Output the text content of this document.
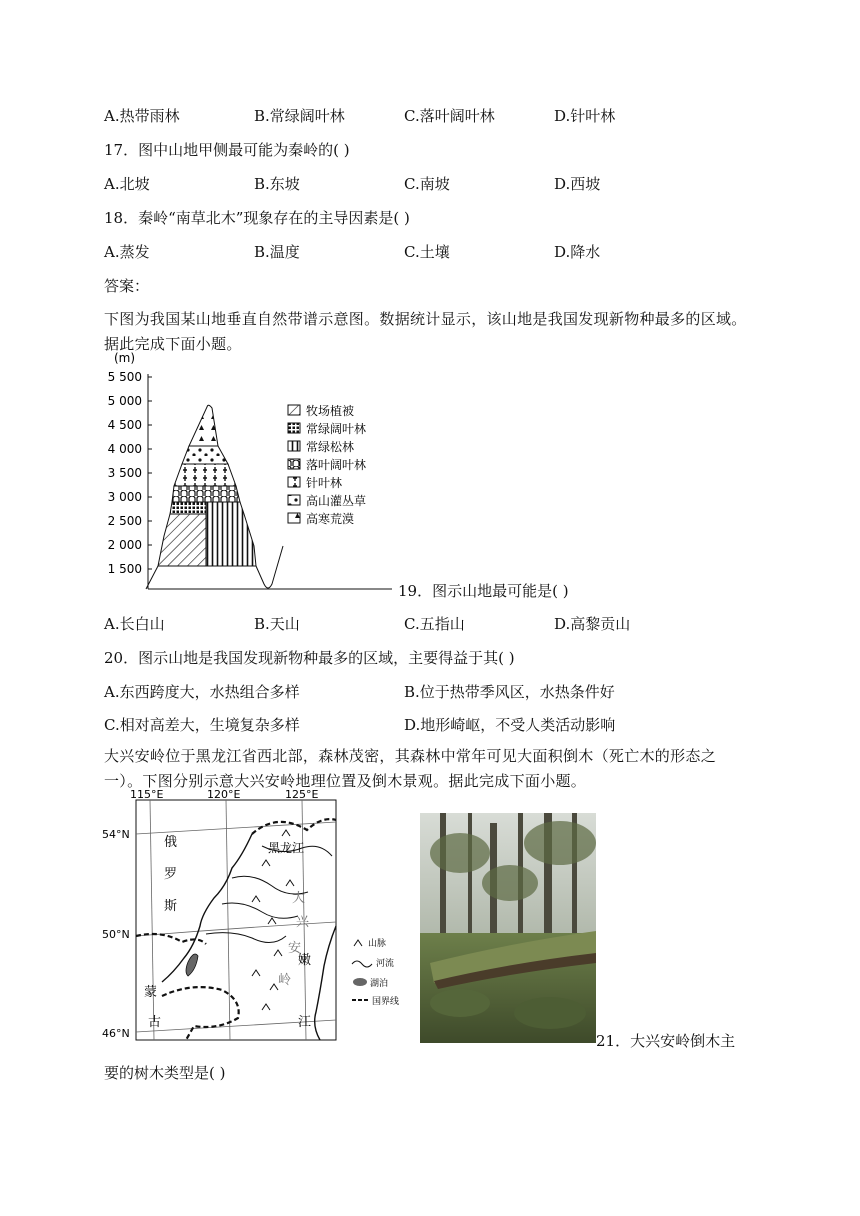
A.热带雨林	B.常绿阔叶林	C.落叶阔叶林	D.针叶林
17．图中山地甲侧最可能为秦岭的( )
A.北坡	B.东坡	C.南坡	D.西坡
18．秦岭“南草北木”现象存在的主导因素是( )
A.蒸发	B.温度	C.土壤	D.降水
答案：
下图为我国某山地垂直自然带谱示意图。数据统计显示，该山地是我国发现新物种最多的区域。据此完成下面小题。
(m)
5 500
5 000
4 500
4 000
3 500
3 000
2 500
2 000
1 500
牧场植被
常绿阔叶林
常绿松林
落叶阔叶林
针叶林
高山灌丛草
高寒荒漠
19．图示山地最可能是( )
A.长白山	B.天山	C.五指山	D.高黎贡山
20．图示山地是我国发现新物种最多的区域，主要得益于其( )
A.东西跨度大，水热组合多样	B.位于热带季风区，水热条件好
C.相对高差大，生境复杂多样	D.地形崎岖，不受人类活动影响
大兴安岭位于黑龙江省西北部，森林茂密，其森林中常年可见大面积倒木（死亡木的形态之一）。下图分别示意大兴安岭地理位置及倒木景观。据此完成下面小题。
115°E	120°E	125°E
54°N
50°N
46°N
俄
罗
斯
黑龙江
大
兴
安
岭
嫩
江
蒙
古
山脉
河流
湖泊
国界线
21．大兴安岭倒木主
要的树木类型是( )
